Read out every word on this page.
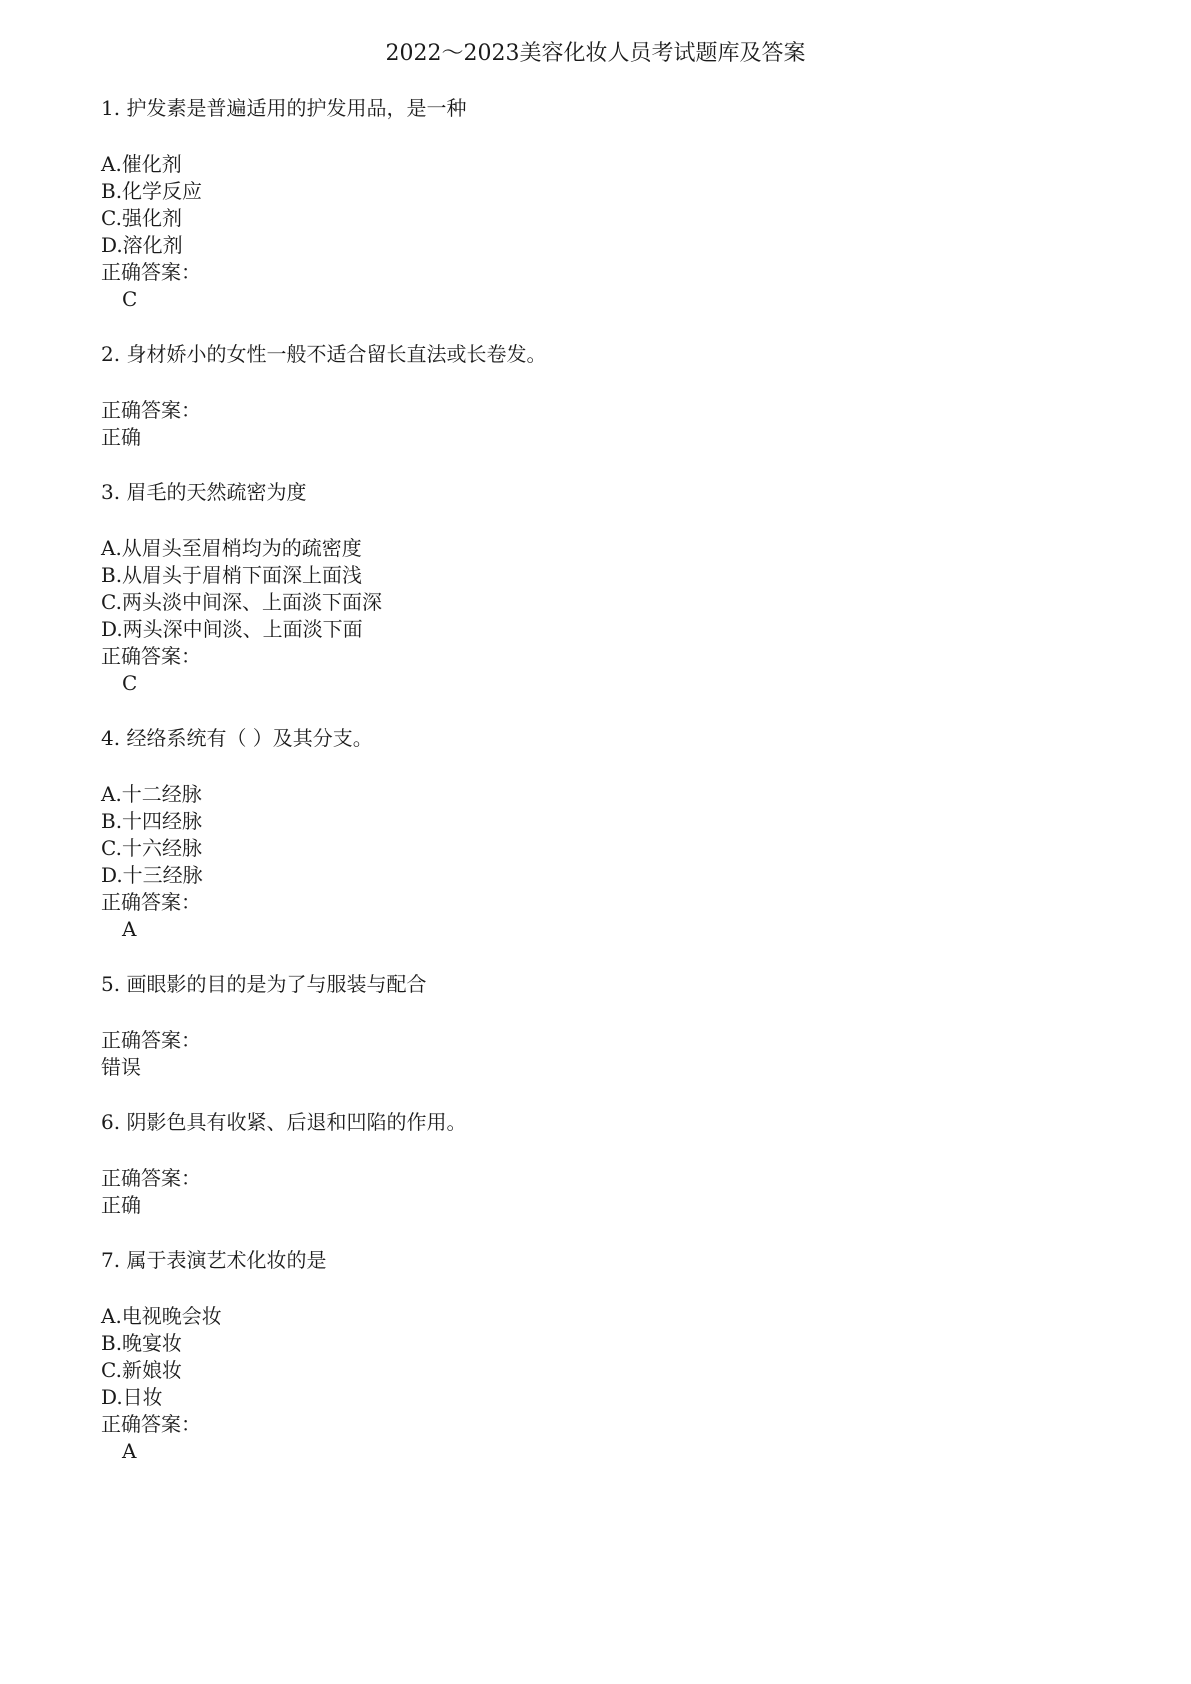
2022～2023美容化妆人员考试题库及答案
1. 护发素是普遍适用的护发用品，是一种
A.催化剂
B.化学反应
C.强化剂
D.溶化剂
正确答案：
C
2. 身材娇小的女性一般不适合留长直法或长卷发。
正确答案：
正确
3. 眉毛的天然疏密为度
A.从眉头至眉梢均为的疏密度
B.从眉头于眉梢下面深上面浅
C.两头淡中间深、上面淡下面深
D.两头深中间淡、上面淡下面
正确答案：
C
4. 经络系统有（ ）及其分支。
A.十二经脉
B.十四经脉
C.十六经脉
D.十三经脉
正确答案：
A
5. 画眼影的目的是为了与服装与配合
正确答案：
错误
6. 阴影色具有收紧、后退和凹陷的作用。
正确答案：
正确
7. 属于表演艺术化妆的是
A.电视晚会妆
B.晚宴妆
C.新娘妆
D.日妆
正确答案：
A
